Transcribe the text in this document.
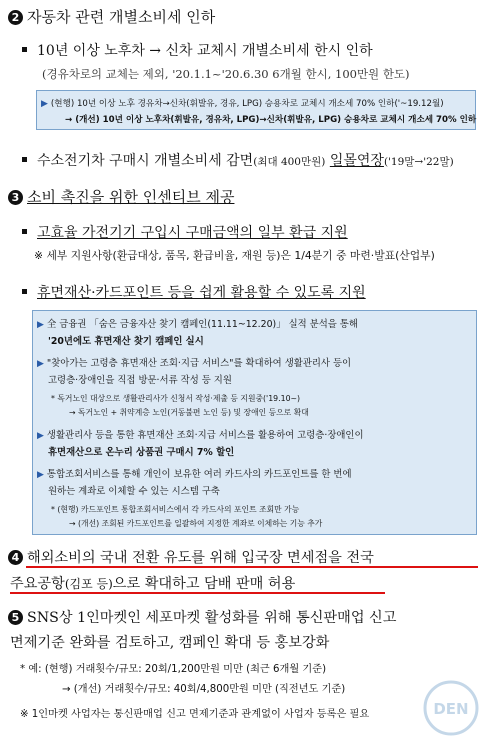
2 자동차 관련 개별소비세 인하
10년 이상 노후차 → 신차 교체시 개별소비세 한시 인하
(경유차로의 교체는 제외, '20.1.1~'20.6.30 6개월 한시, 100만원 한도)
▶ (현행) 10년 이상 노후 경유차→신차(휘발유, 경유, LPG) 승용차로 교체시 개소세 70% 인하('~19.12월)
→ (개선) 10년 이상 노후차(휘발유, 경유차, LPG)→신차(휘발유, LPG) 승용차로 교체시 개소세 70% 인하
수소전기차 구매시 개별소비세 감면(최대 400만원) 일몰연장('19말→'22말)
3 소비 촉진을 위한 인센티브 제공
고효율 가전기기 구입시 구매금액의 일부 환급 지원
※ 세부 지원사항(환급대상, 품목, 환급비율, 재원 등)은 1/4분기 중 마련·발표(산업부)
휴면재산·카드포인트 등을 쉽게 활용할 수 있도록 지원
▶ 全 금융권 「숨은 금융자산 찾기 캠페인(11.11~12.20)」 실적 분석을 통해
'20년에도 휴면재산 찾기 캠페인 실시
▶ "찾아가는 고령층 휴면재산 조회·지급 서비스"를 확대하여 생활관리사 등이
고령층·장애인을 직접 방문·서류 작성 등 지원
* 독거노인 대상으로 생활관리사가 신청서 작성·제출 등 지원중('19.10~)
→ 독거노인 + 취약계층 노인(거동불편 노인 등) 및 장애인 등으로 확대
▶ 생활관리사 등을 통한 휴면재산 조회·지급 서비스를 활용하여 고령층·장애인이
휴면재산으로 온누리 상품권 구매시 7% 할인
▶ 통합조회서비스를 통해 개인이 보유한 여러 카드사의 카드포인트를 한 번에
원하는 계좌로 이체할 수 있는 시스템 구축
* (현행) 카드포인트 통합조회서비스에서 각 카드사의 포인트 조회만 가능
→ (개선) 조회된 카드포인트를 일괄하여 지정한 계좌로 이체하는 기능 추가
4 해외소비의 국내 전환 유도를 위해 입국장 면세점을 전국
주요공항(김포 등)으로 확대하고 담배 판매 허용
5 SNS상 1인마켓인 세포마켓 활성화를 위해 통신판매업 신고
면제기준 완화를 검토하고, 캠페인 확대 등 홍보강화
* 예: (현행) 거래횟수/규모: 20회/1,200만원 미만 (최근 6개월 기준)
→ (개선) 거래횟수/규모: 40회/4,800만원 미만 (직전년도 기준)
※ 1인마켓 사업자는 통신판매업 신고 면제기준과 관계없이 사업자 등록은 필요	DEN
